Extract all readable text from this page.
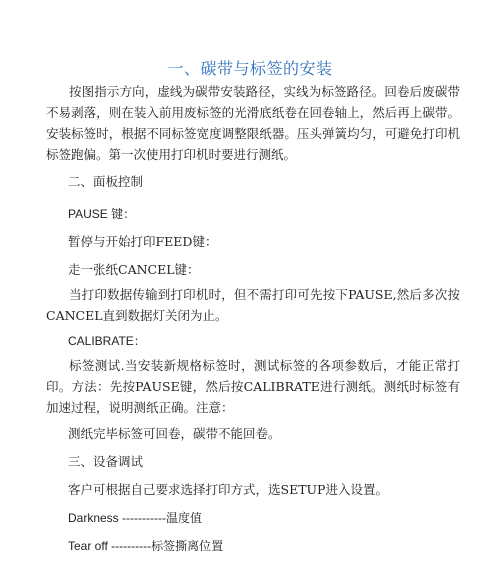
一、碳带与标签的安装
按图指示方向，虚线为碳带安装路径，实线为标签路径。回卷后废碳带不易剥落，则在装入前用废标签的光滑底纸卷在回卷轴上，然后再上碳带。安装标签时，根据不同标签宽度调整限纸器。压头弹簧均匀，可避免打印机标签跑偏。第一次使用打印机时要进行测纸。
二、面板控制
PAUSE 键：
暂停与开始打印FEED键：
走一张纸CANCEL键：
当打印数据传输到打印机时，但不需打印可先按下PAUSE,然后多次按CANCEL直到数据灯关闭为止。
CALIBRATE：
标签测试.当安装新规格标签时，测试标签的各项参数后，才能正常打印。方法：先按PAUSE键，然后按CALIBRATE进行测纸。测纸时标签有加速过程，说明测纸正确。注意：
测纸完毕标签可回卷，碳带不能回卷。
三、设备调试
客户可根据自己要求选择打印方式，选SETUP进入设置。
Darkness -----------温度值
Tear off ----------标签撕离位置
